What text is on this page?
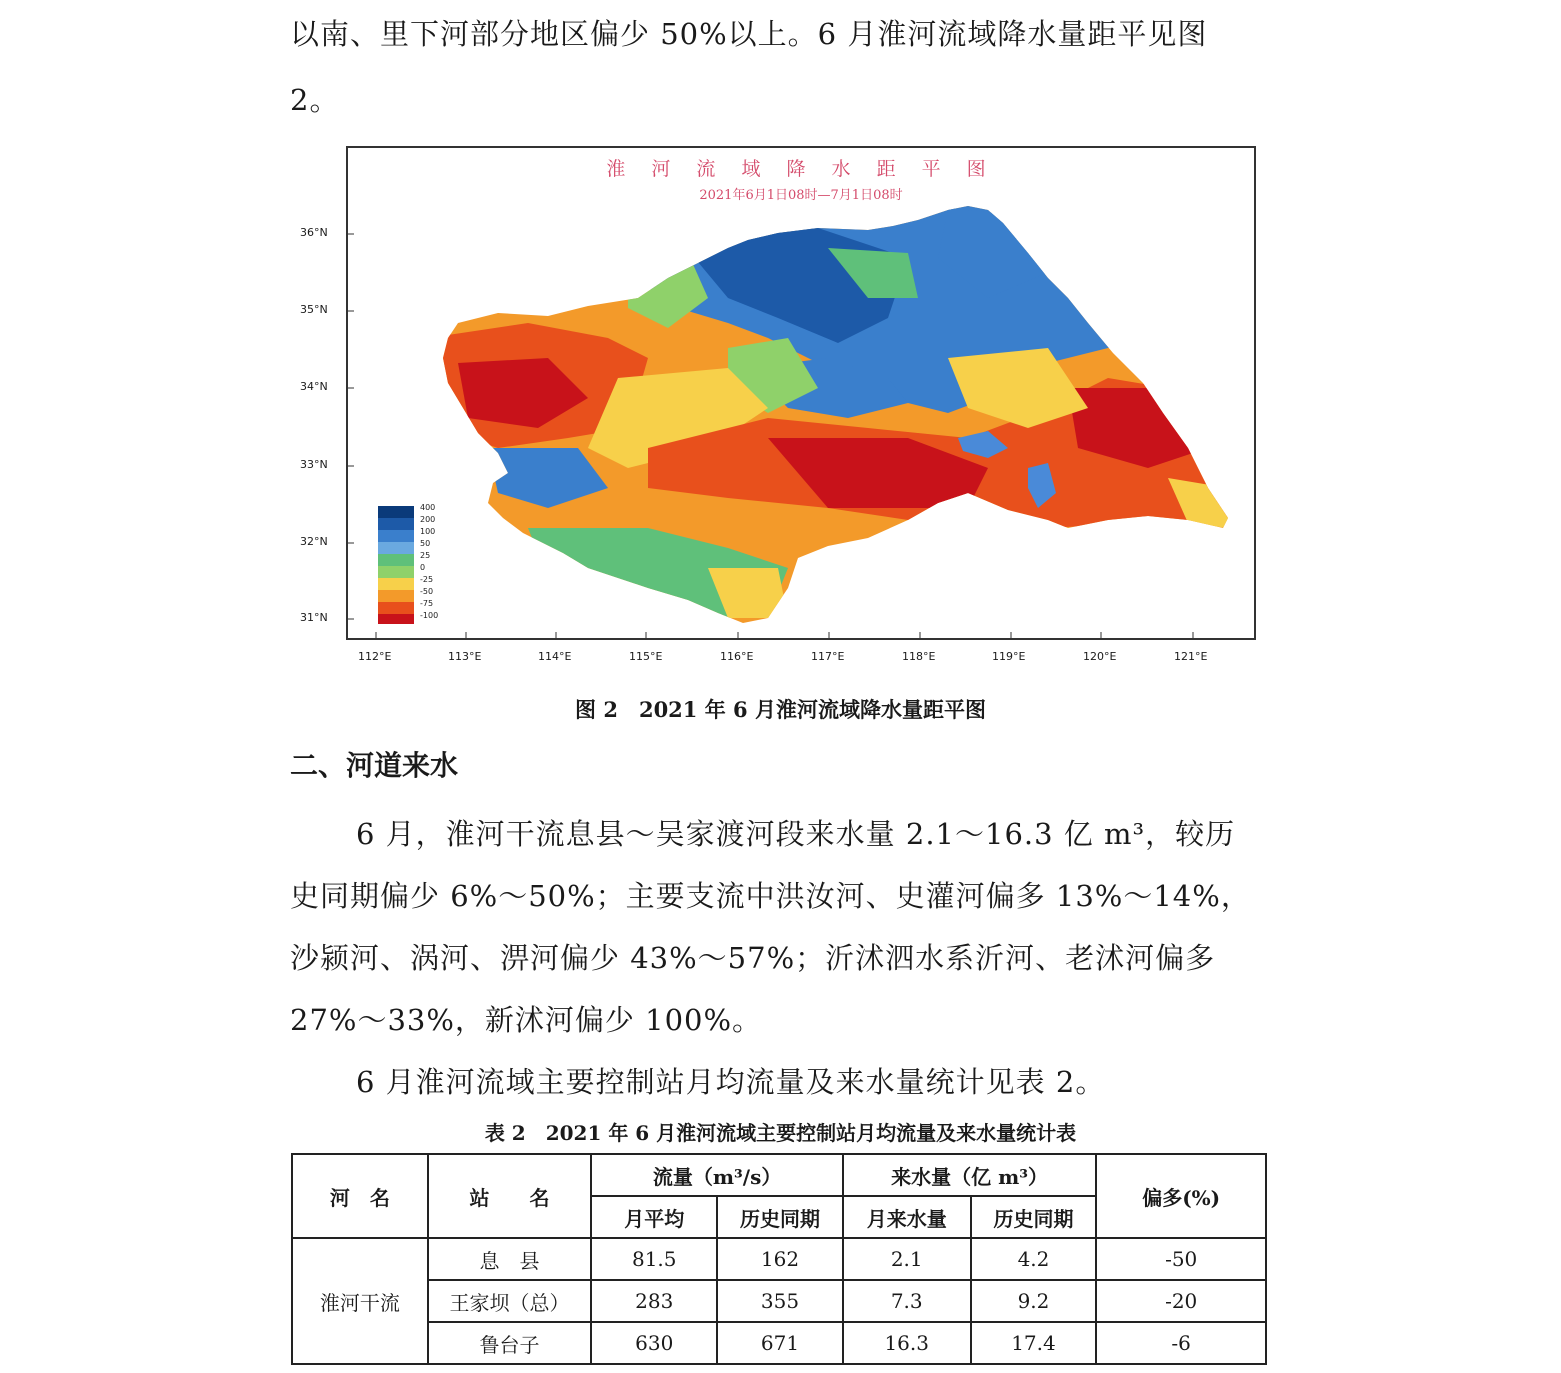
以南、里下河部分地区偏少 50%以上。6 月淮河流域降水量距平见图
2。
淮 河 流 域 降 水 距 平 图
2021年6月1日08时—7月1日08时
400
200
100
50
25
0
-25
-50
-75
-100
36°N
35°N
34°N
33°N
32°N
31°N
112°E	113°E	114°E	115°E	116°E	117°E	118°E	119°E	120°E	121°E
图 2　2021 年 6 月淮河流域降水量距平图
二、河道来水
6 月，淮河干流息县～吴家渡河段来水量 2.1～16.3 亿 m³，较历
史同期偏少 6%～50%；主要支流中洪汝河、史灌河偏多 13%～14%，
沙颍河、涡河、淠河偏少 43%～57%；沂沭泗水系沂河、老沭河偏多
27%～33%，新沭河偏少 100%。
6 月淮河流域主要控制站月均流量及来水量统计见表 2。
表 2　2021 年 6 月淮河流域主要控制站月均流量及来水量统计表
河　名	站　　名	流量（m³/s）		来水量（亿 m³）		偏多(%)
		月平均	历史同期	月来水量	历史同期	
淮河干流	息　县	81.5	162	2.1	4.2	-50
	王家坝（总）	283	355	7.3	9.2	-20
	鲁台子	630	671	16.3	17.4	-6
